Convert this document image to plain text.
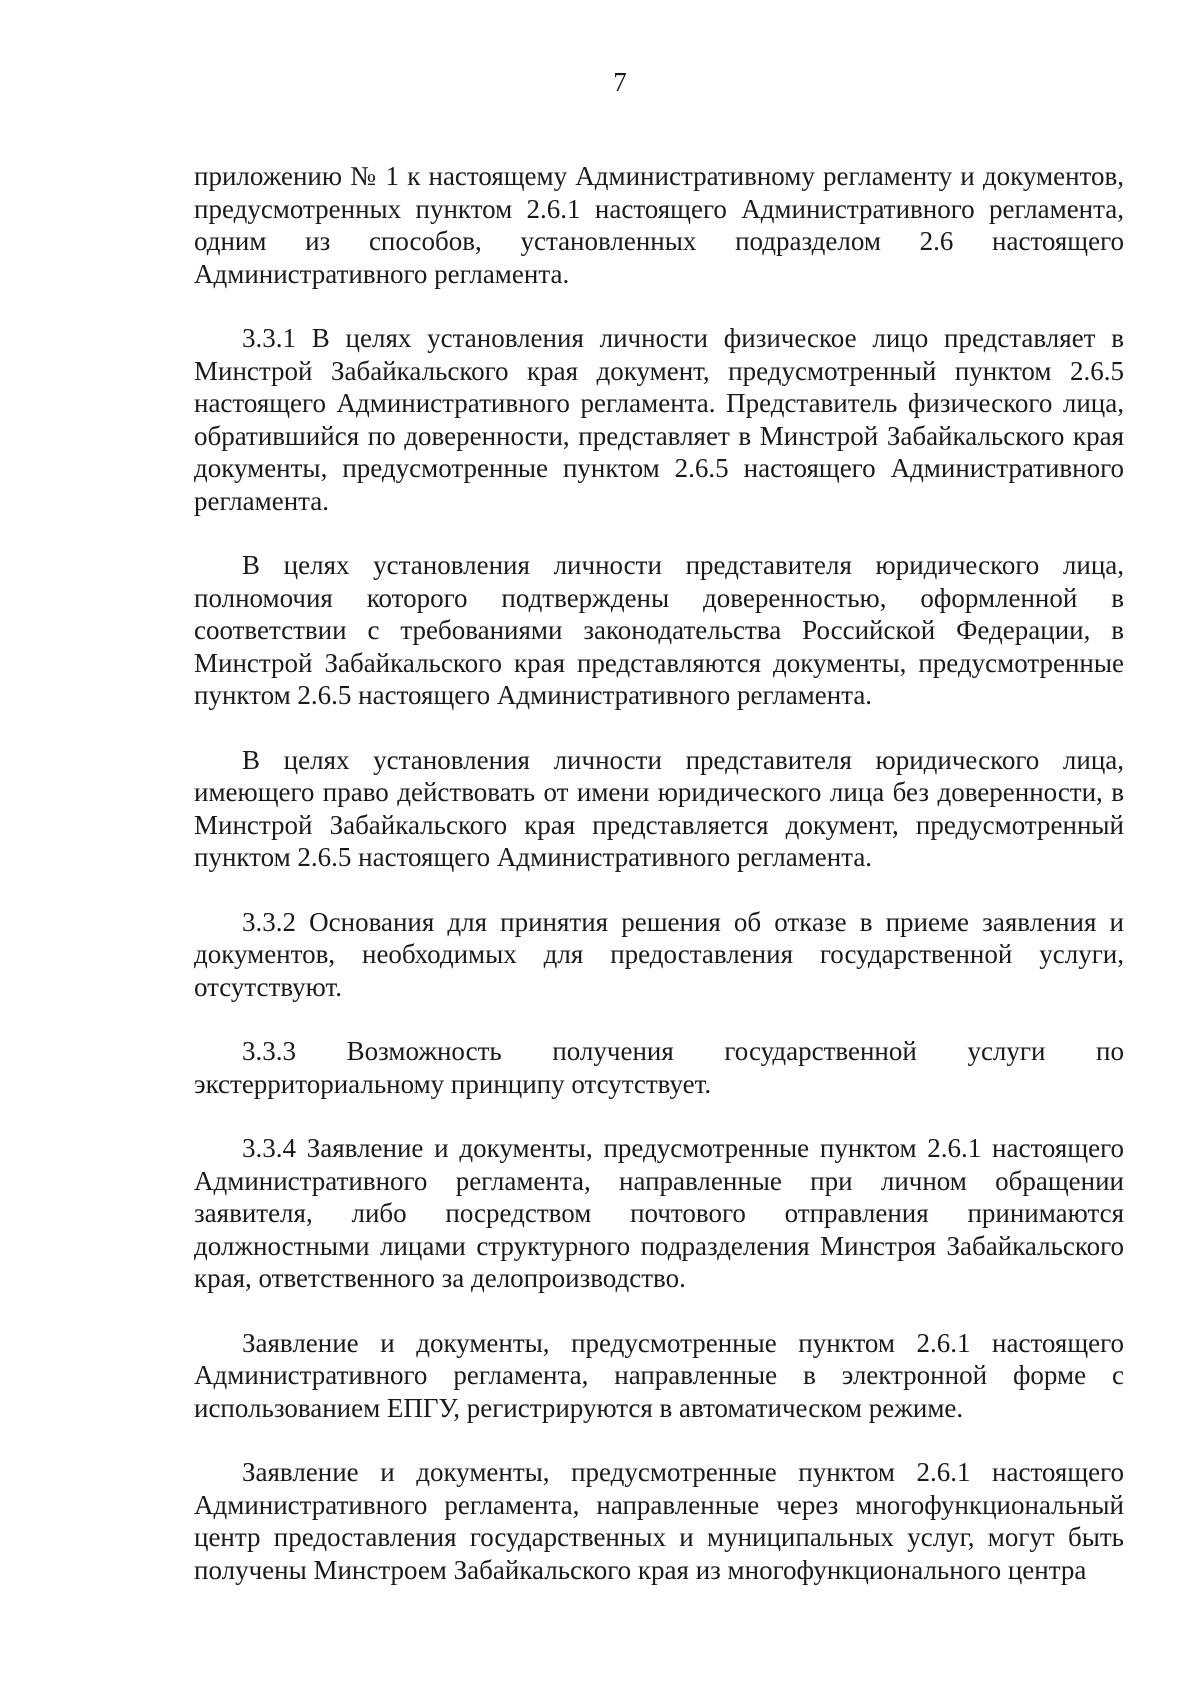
7

приложению № 1 к настоящему Административному регламенту и документов, предусмотренных пунктом 2.6.1 настоящего Административного регламента, одним из способов, установленных подразделом 2.6 настоящего Административного регламента.

3.3.1 В целях установления личности физическое лицо представляет в Минстрой Забайкальского края документ, предусмотренный пунктом 2.6.5 настоящего Административного регламента. Представитель физического лица, обратившийся по доверенности, представляет в Минстрой Забайкальского края документы, предусмотренные пунктом 2.6.5 настоящего Административного регламента.

В целях установления личности представителя юридического лица, полномочия которого подтверждены доверенностью, оформленной в соответствии с требованиями законодательства Российской Федерации, в Минстрой Забайкальского края представляются документы, предусмотренные пунктом 2.6.5 настоящего Административного регламента.

В целях установления личности представителя юридического лица, имеющего право действовать от имени юридического лица без доверенности, в Минстрой Забайкальского края представляется документ, предусмотренный пунктом 2.6.5 настоящего Административного регламента.

3.3.2 Основания для принятия решения об отказе в приеме заявления и документов, необходимых для предоставления государственной услуги, отсутствуют.

3.3.3 Возможность получения государственной услуги по экстерриториальному принципу отсутствует.

3.3.4 Заявление и документы, предусмотренные пунктом 2.6.1 настоящего Административного регламента, направленные при личном обращении заявителя, либо посредством почтового отправления принимаются должностными лицами структурного подразделения Минстроя Забайкальского края, ответственного за делопроизводство.

Заявление и документы, предусмотренные пунктом 2.6.1 настоящего Административного регламента, направленные в электронной форме с использованием ЕПГУ, регистрируются в автоматическом режиме.

Заявление и документы, предусмотренные пунктом 2.6.1 настоящего Административного регламента, направленные через многофункциональный центр предоставления государственных и муниципальных услуг, могут быть получены Минстроем Забайкальского края из многофункционального центра
